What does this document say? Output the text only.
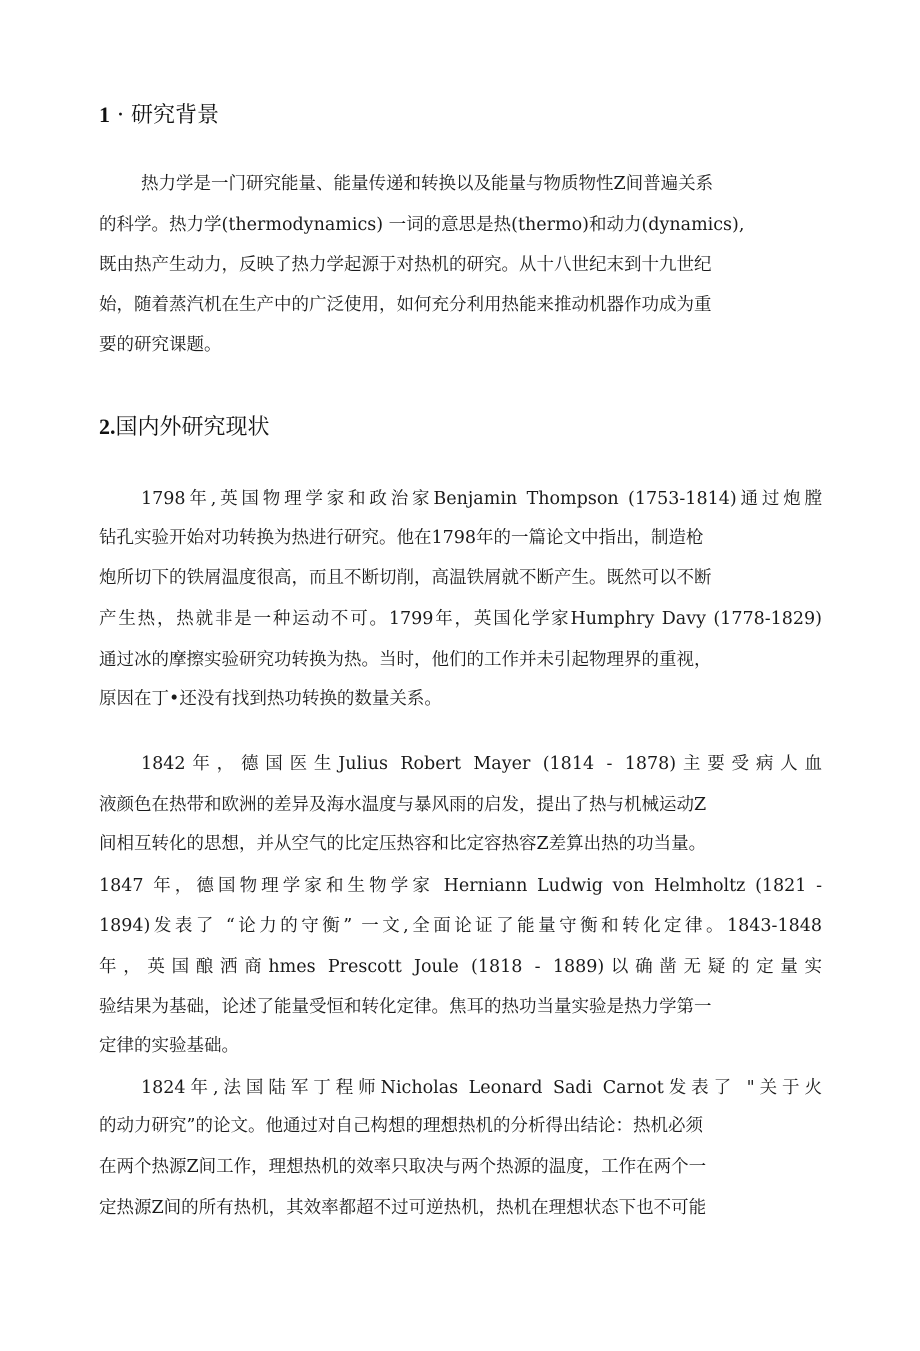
1 · 研究背景
热力学是一门研究能量、能量传递和转换以及能量与物质物性Z间普遍关系
的科学。热力学(thermodynamics) 一词的意思是热(thermo)和动力(dynamics),
既由热产生动力，反映了热力学起源于对热机的研究。从十八世纪末到十九世纪
始，随着蒸汽机在生产中的广泛使用，如何充分利用热能来推动机器作功成为重
要的研究课题。
2.国内外研究现状
1798年,英国物理学家和政治家Benjamin Thompson (1753-1814)通过炮膛
钻孔实验开始对功转换为热进行研究。他在1798年的一篇论文中指出，制造枪
炮所切下的铁屑温度很高，而且不断切削，高温铁屑就不断产生。既然可以不断
产生热，热就非是一种运动不可。1799年，英国化学家Humphry Davy (1778-1829)
通过冰的摩擦实验研究功转换为热。当时，他们的工作并未引起物理界的重视，
原因在丁•还没有找到热功转换的数量关系。
1842年，德国医生Julius Robert Mayer (1814 - 1878)主要受病人血
液颜色在热带和欧洲的差异及海水温度与暴风雨的启发，提出了热与机械运动Z
间相互转化的思想，并从空气的比定压热容和比定容热容Z差算出热的功当量。
1847 年，德国物理学家和生物学家 Herniann Ludwig von Helmholtz (1821 -
1894)发表了 “论力的守衡” 一文,全面论证了能量守衡和转化定律。1843-1848
年，英国酿洒商hmes Prescott Joule (1818 - 1889)以确凿无疑的定量实
验结果为基础，论述了能量受恒和转化定律。焦耳的热功当量实验是热力学第一
定律的实验基础。
1824年,法国陆军丁程师Nicholas Leonard Sadi Carnot发表了 "关于火
的动力研究”的论文。他通过对自己构想的理想热机的分析得出结论：热机必须
在两个热源Z间工作，理想热机的效率只取决与两个热源的温度，工作在两个一
定热源Z间的所有热机，其效率都超不过可逆热机，热机在理想状态下也不可能
